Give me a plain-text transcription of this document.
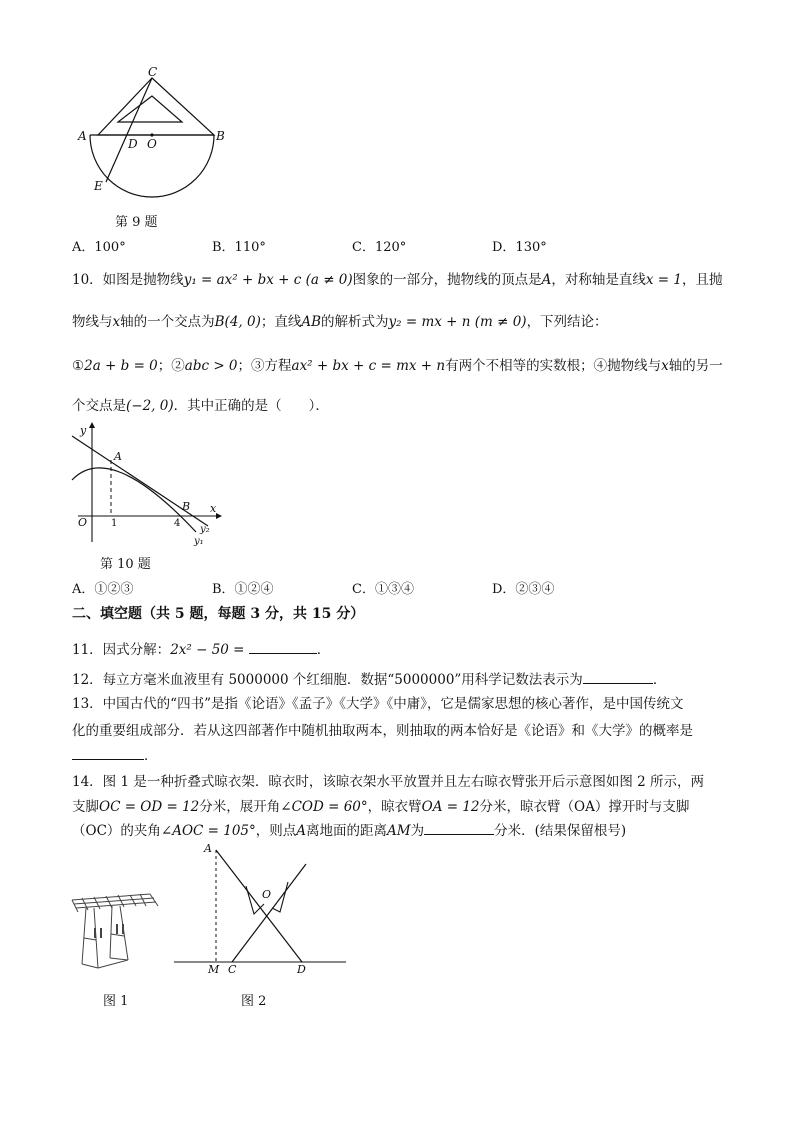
C
A	B
D O
E
第 9 题
A．100°	B．110°	C．120°	D．130°
10．如图是抛物线y₁ = ax² + bx + c (a ≠ 0)图象的一部分，抛物线的顶点是A，对称轴是直线x = 1，且抛
物线与x轴的一个交点为B(4, 0)；直线AB的解析式为y₂ = mx + n (m ≠ 0)，下列结论：
①2a + b = 0；②abc > 0；③方程ax² + bx + c = mx + n有两个不相等的实数根；④抛物线与x轴的另一
个交点是(−2, 0)．其中正确的是（　　）．
y
A
B
O 1	4
x
y₂
y₁
第 10 题
A．①②③	B．①②④	C．①③④	D．②③④
二、填空题（共 5 题，每题 3 分，共 15 分）
11．因式分解：2x² − 50 =	．
12．每立方毫米血液里有 5000000 个红细胞．数据“5000000”用科学记数法表示为	．
13．中国古代的“四书”是指《论语》《孟子》《大学》《中庸》，它是儒家思想的核心著作，是中国传统文
化的重要组成部分．若从这四部著作中随机抽取两本，则抽取的两本恰好是《论语》和《大学》的概率是
．
14．图 1 是一种折叠式晾衣架．晾衣时，该晾衣架水平放置并且左右晾衣臂张开后示意图如图 2 所示，两
支脚OC = OD = 12分米，展开角∠COD = 60°，晾衣臂OA = 12分米，晾衣臂（OA）撑开时与支脚
（OC）的夹角∠AOC = 105°，则点A离地面的距离AM为	分米．(结果保留根号)
图 1
A
O
M C	D
图 2
